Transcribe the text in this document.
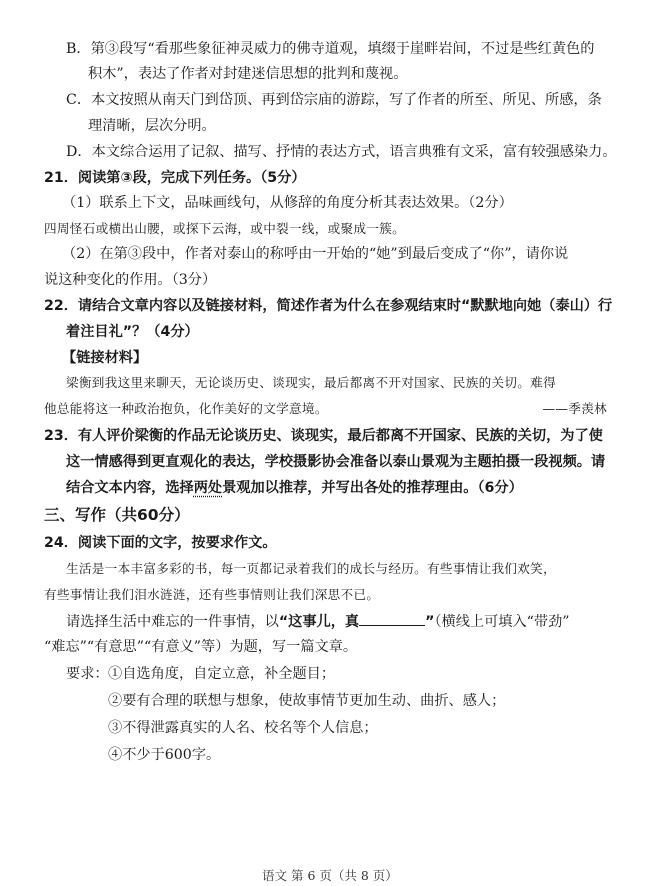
B．第③段写“看那些象征神灵威力的佛寺道观，填缀于崖畔岩间，不过是些红黄色的
积木”，表达了作者对封建迷信思想的批判和蔑视。
C．本文按照从南天门到岱顶、再到岱宗庙的游踪，写了作者的所至、所见、所感，条
理清晰，层次分明。
D．本文综合运用了记叙、描写、抒情的表达方式，语言典雅有文采，富有较强感染力。
21．阅读第③段，完成下列任务。（5分）
（1）联系上下文，品味画线句，从修辞的角度分析其表达效果。（2分）
四周怪石或横出山腰，或探下云海，或中裂一线，或聚成一簇。
（2）在第③段中，作者对泰山的称呼由一开始的“她”到最后变成了“你”，请你说
说这种变化的作用。（3分）
22．请结合文章内容以及链接材料，简述作者为什么在参观结束时“默默地向她（泰山）行
着注目礼”？（4分）
【链接材料】
梁衡到我这里来聊天，无论谈历史、谈现实，最后都离不开对国家、民族的关切。难得
他总能将这一种政治抱负，化作美好的文学意境。	——季羡林
23．有人评价梁衡的作品无论谈历史、谈现实，最后都离不开国家、民族的关切，为了使
这一情感得到更直观化的表达，学校摄影协会准备以泰山景观为主题拍摄一段视频。请
结合文本内容，选择两处景观加以推荐，并写出各处的推荐理由。（6分）
三、写作（共60分）
24．阅读下面的文字，按要求作文。
生活是一本丰富多彩的书，每一页都记录着我们的成长与经历。有些事情让我们欢笑，
有些事情让我们泪水涟涟，还有些事情则让我们深思不已。
请选择生活中难忘的一件事情，以“这事儿，真	”（横线上可填入“带劲”
“难忘”“有意思”“有意义”等）为题，写一篇文章。
要求： ①自选角度，自定立意，补全题目；
②要有合理的联想与想象，使故事情节更加生动、曲折、感人；
③不得泄露真实的人名、校名等个人信息；
④不少于600字。
语文 第 6 页（共 8 页）
